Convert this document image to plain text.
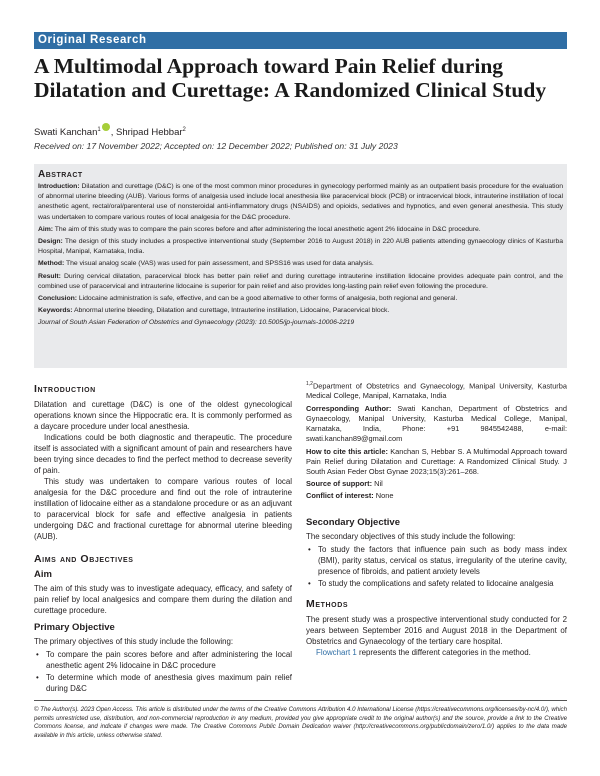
Original Research
A Multimodal Approach toward Pain Relief during Dilatation and Curettage: A Randomized Clinical Study
Swati Kanchan$^1$ , Shripad Hebbar$^2$
Received on: 17 November 2022; Accepted on: 12 December 2022; Published on: 31 July 2023
Abstract

Introduction: Dilatation and curettage (D&C) is one of the most common minor procedures in gynecology performed mainly as an outpatient basis procedure for the evaluation of abnormal uterine bleeding (AUB). Various forms of analgesia used include local anesthesia like paracervical block (PCB) or intracervical block, intrauterine instillation of local anesthetic agent, rectal/oral/parenteral use of nonsteroidal anti-inflammatory drugs (NSAIDS) and opioids, sedatives and hypnotics, and even general anesthesia. This study was undertaken to compare various routes of local analgesia for the D&C procedure.

Aim: The aim of this study was to compare the pain scores before and after administering the local anesthetic agent 2% lidocaine in D&C procedure.

Design: The design of this study includes a prospective interventional study (September 2016 to August 2018) in 220 AUB patients attending gynaecology clinics of Kasturba Hospital, Manipal, Karnataka, India.

Method: The visual analog scale (VAS) was used for pain assessment, and SPSS16 was used for data analysis.

Result: During cervical dilatation, paracervical block has better pain relief and during curettage intrauterine instillation lidocaine provides adequate pain control, and the combined use of paracervical and intrauterine lidocaine is superior for pain relief and also provides long-lasting pain relief even following the procedure.

Conclusion: Lidocaine administration is safe, effective, and can be a good alternative to other forms of analgesia, both regional and general.

Keywords: Abnormal uterine bleeding, Dilatation and curettage, Intrauterine instillation, Lidocaine, Paracervical block.

Journal of South Asian Federation of Obstetrics and Gynaecology (2023): 10.5005/jp-journals-10006-2219

Introduction

Dilatation and curettage (D&C) is one of the oldest gynecological operations known since the Hippocratic era. It is commonly performed as a daycare procedure under local anesthesia.

Indications could be both diagnostic and therapeutic. The procedure itself is associated with a significant amount of pain and researchers have been trying since decades to find the perfect method to decrease severity of pain.

This study was undertaken to compare various routes of local analgesia for the D&C procedure and find out the role of intrauterine instillation of lidocaine either as a standalone procedure or as an adjuvant to paracervical block for safe and effective analgesia in patients undergoing D&C and fractional curettage for abnormal uterine bleeding (AUB).

Aims and Objectives
Aim

The aim of this study was to investigate adequacy, efficacy, and safety of pain relief by local analgesics and compare them during the dilation and curettage procedure.

Primary Objective

The primary objectives of this study include the following:

• To compare the pain scores before and after administering the local anesthetic agent 2% lidocaine in D&C procedure
• To determine which mode of anesthesia gives maximum pain relief during D&C

$^{1,2}$Department of Obstetrics and Gynaecology, Manipal University, Kasturba Medical College, Manipal, Karnataka, India

Corresponding Author: Swati Kanchan, Department of Obstetrics and Gynaecology, Manipal University, Kasturba Medical College, Manipal, Karnataka, India, Phone: +91 9845542488, e-mail: swati.kanchan89@gmail.com

How to cite this article: Kanchan S, Hebbar S. A Multimodal Approach toward Pain Relief during Dilatation and Curettage: A Randomized Clinical Study. J South Asian Feder Obst Gynae 2023;15(3):261–268.

Source of support: Nil

Conflict of interest: None

Secondary Objective

The secondary objectives of this study include the following:

• To study the factors that influence pain such as body mass index (BMI), parity status, cervical os status, irregularity of the uterine cavity, presence of fibroids, and patient anxiety levels
• To study the complications and safety related to lidocaine analgesia
Methods

The present study was a prospective interventional study conducted for 2 years between September 2016 and August 2018 in the Department of Obstetrics and Gynaecology of the tertiary care hospital.

Flowchart 1 represents the different categories in the method.

© The Author(s). 2023 Open Access. This article is distributed under the terms of the Creative Commons Attribution 4.0 International License (https://creativecommons.org/licenses/by-nc/4.0/), which permits unrestricted use, distribution, and non-commercial reproduction in any medium, provided you give appropriate credit to the original author(s) and the source, provide a link to the Creative Commons license, and indicate if changes were made. The Creative Commons Public Domain Dedication waiver (http://creativecommons.org/publicdomain/zero/1.0/) applies to the data made available in this article, unless otherwise stated.
